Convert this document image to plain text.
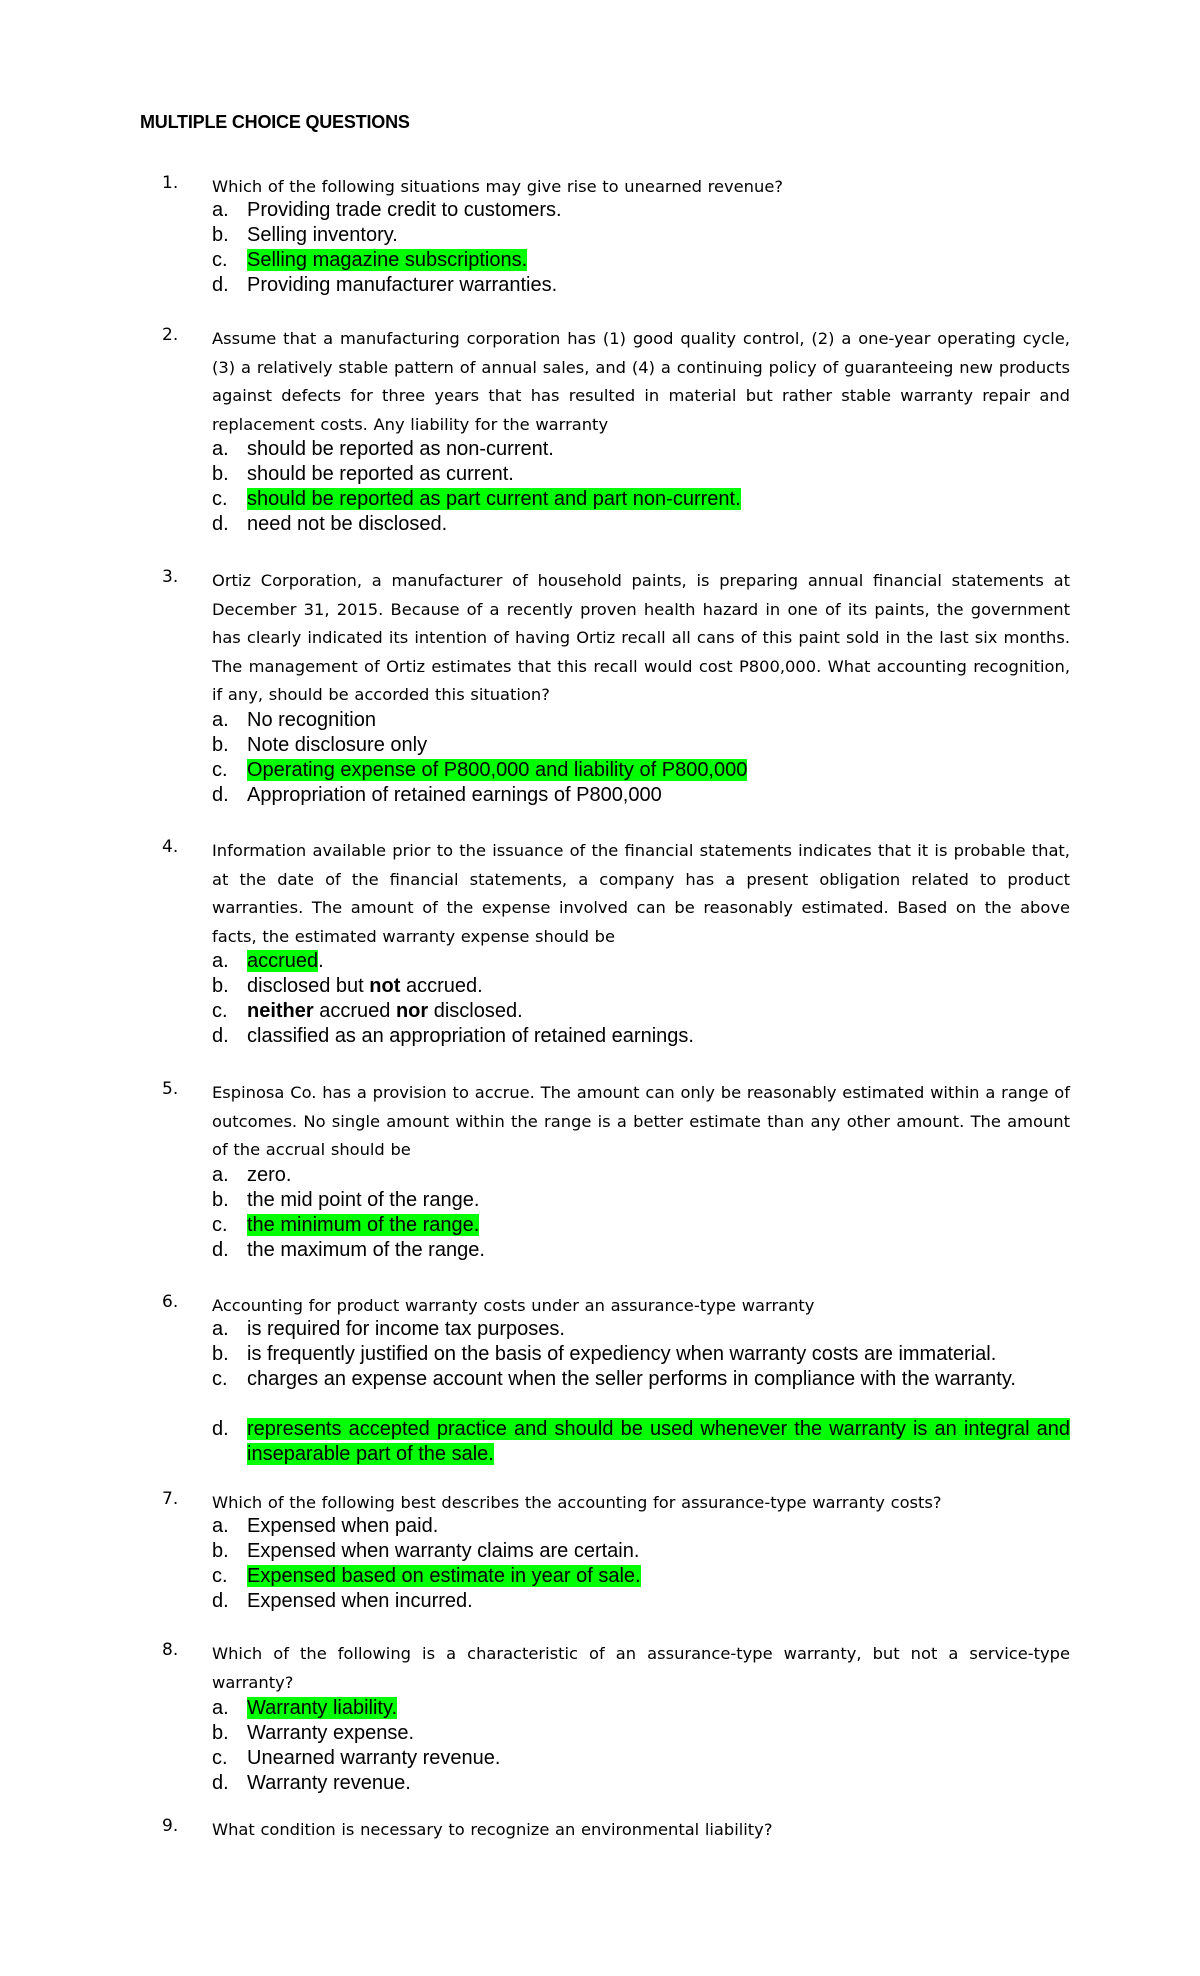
MULTIPLE CHOICE QUESTIONS
1. Which of the following situations may give rise to unearned revenue?
a. Providing trade credit to customers.
b. Selling inventory.
c. Selling magazine subscriptions.
d. Providing manufacturer warranties.
2. Assume that a manufacturing corporation has (1) good quality control, (2) a one-year operating cycle, (3) a relatively stable pattern of annual sales, and (4) a continuing policy of guaranteeing new products against defects for three years that has resulted in material but rather stable warranty repair and replacement costs. Any liability for the warranty
a. should be reported as non-current.
b. should be reported as current.
c. should be reported as part current and part non-current.
d. need not be disclosed.
3. Ortiz Corporation, a manufacturer of household paints, is preparing annual financial statements at December 31, 2015. Because of a recently proven health hazard in one of its paints, the government has clearly indicated its intention of having Ortiz recall all cans of this paint sold in the last six months. The management of Ortiz estimates that this recall would cost P800,000. What accounting recognition, if any, should be accorded this situation?
a. No recognition
b. Note disclosure only
c. Operating expense of P800,000 and liability of P800,000
d. Appropriation of retained earnings of P800,000
4. Information available prior to the issuance of the financial statements indicates that it is probable that, at the date of the financial statements, a company has a present obligation related to product warranties. The amount of the expense involved can be reasonably estimated. Based on the above facts, the estimated warranty expense should be
a. accrued.
b. disclosed but not accrued.
c. neither accrued nor disclosed.
d. classified as an appropriation of retained earnings.
5. Espinosa Co. has a provision to accrue. The amount can only be reasonably estimated within a range of outcomes. No single amount within the range is a better estimate than any other amount. The amount of the accrual should be
a. zero.
b. the mid point of the range.
c. the minimum of the range.
d. the maximum of the range.
6. Accounting for product warranty costs under an assurance-type warranty
a. is required for income tax purposes.
b. is frequently justified on the basis of expediency when warranty costs are immaterial.
c. charges an expense account when the seller performs in compliance with the warranty.
d. represents accepted practice and should be used whenever the warranty is an integral and inseparable part of the sale.
7. Which of the following best describes the accounting for assurance-type warranty costs?
a. Expensed when paid.
b. Expensed when warranty claims are certain.
c. Expensed based on estimate in year of sale.
d. Expensed when incurred.
8. Which of the following is a characteristic of an assurance-type warranty, but not a service-type warranty?
a. Warranty liability.
b. Warranty expense.
c. Unearned warranty revenue.
d. Warranty revenue.
9. What condition is necessary to recognize an environmental liability?
